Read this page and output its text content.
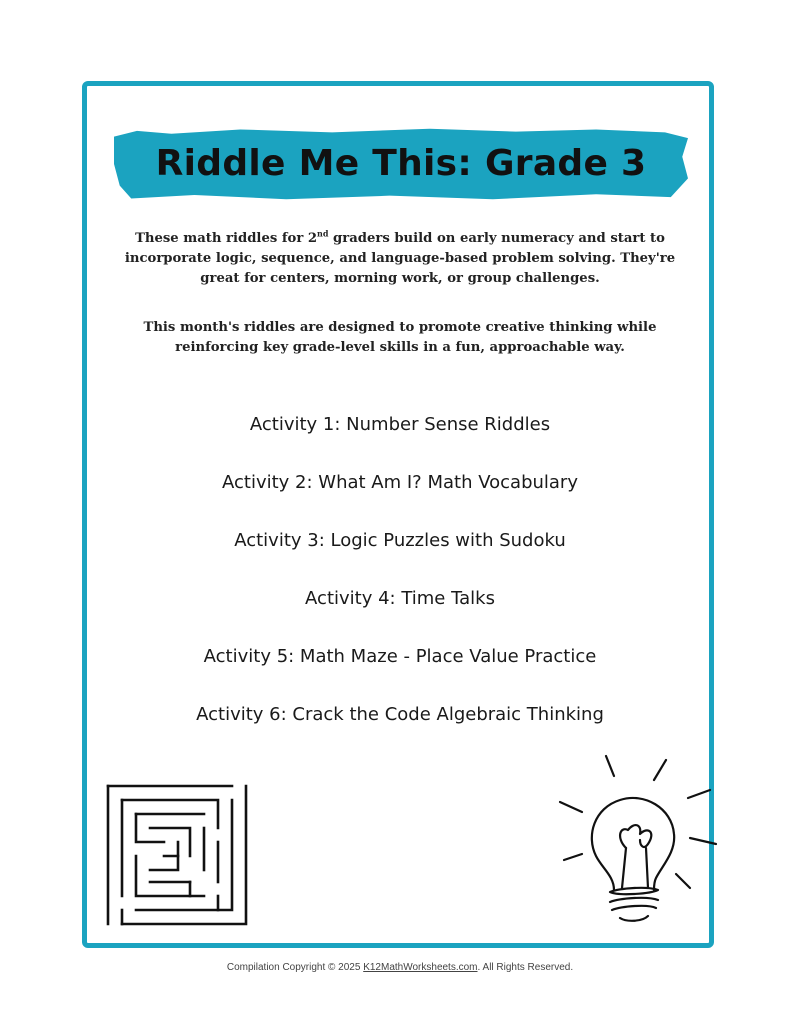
Riddle Me This: Grade 3

These math riddles for 2nd graders build on early numeracy and start to incorporate logic, sequence, and language-based problem solving. They're great for centers, morning work, or group challenges.

This month's riddles are designed to promote creative thinking while reinforcing key grade-level skills in a fun, approachable way.

Activity 1: Number Sense Riddles
Activity 2: What Am I? Math Vocabulary
Activity 3: Logic Puzzles with Sudoku
Activity 4: Time Talks
Activity 5: Math Maze - Place Value Practice
Activity 6: Crack the Code Algebraic Thinking

Compilation Copyright © 2025 K12MathWorksheets.com. All Rights Reserved.
